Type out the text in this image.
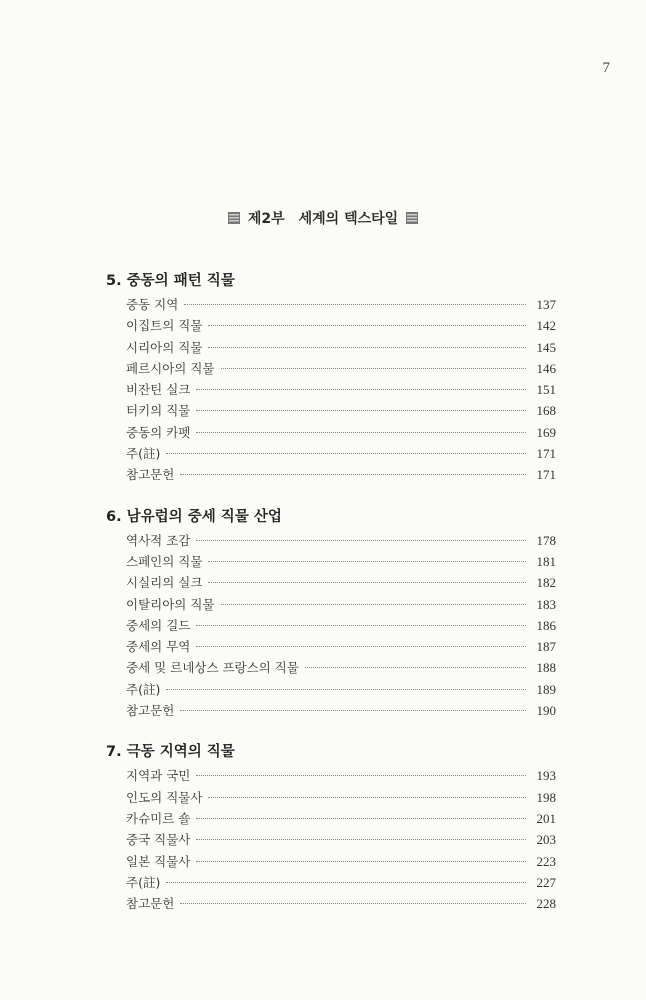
7
제2부 세계의 텍스타일
5. 중동의 패턴 직물
중동 지역	137
이집트의 직물	142
시리아의 직물	145
페르시아의 직물	146
비잔틴 실크	151
터키의 직물	168
중동의 카펫	169
주(註)	171
참고문헌	171
6. 남유럽의 중세 직물 산업
역사적 조감	178
스페인의 직물	181
시실리의 실크	182
이탈리아의 직물	183
중세의 길드	186
중세의 무역	187
중세 및 르네상스 프랑스의 직물	188
주(註)	189
참고문헌	190
7. 극동 지역의 직물
지역과 국민	193
인도의 직물사	198
카슈미르 숄	201
중국 직물사	203
일본 직물사	223
주(註)	227
참고문헌	228
